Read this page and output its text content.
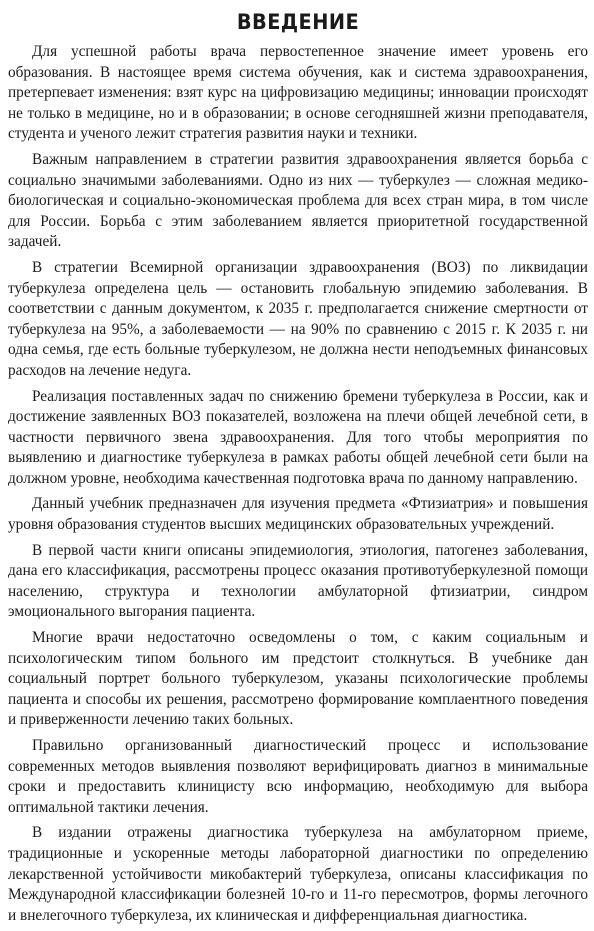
ВВЕДЕНИЕ

Для успешной работы врача первостепенное значение имеет уровень его образования. В настоящее время система обучения, как и система здравоохранения, претерпевает изменения: взят курс на цифровизацию медицины; инновации происходят не только в медицине, но и в образовании; в основе сегодняшней жизни преподавателя, студента и ученого лежит стратегия развития науки и техники.

Важным направлением в стратегии развития здравоохранения является борьба с социально значимыми заболеваниями. Одно из них — туберкулез — сложная медико-биологическая и социально-экономическая проблема для всех стран мира, в том числе для России. Борьба с этим заболеванием является приоритетной государственной задачей.

В стратегии Всемирной организации здравоохранения (ВОЗ) по ликвидации туберкулеза определена цель — остановить глобальную эпидемию заболевания. В соответствии с данным документом, к 2035 г. предполагается снижение смертности от туберкулеза на 95%, а заболеваемости — на 90% по сравнению с 2015 г. К 2035 г. ни одна семья, где есть больные туберкулезом, не должна нести неподъемных финансовых расходов на лечение недуга.

Реализация поставленных задач по снижению бремени туберкулеза в России, как и достижение заявленных ВОЗ показателей, возложена на плечи общей лечебной сети, в частности первичного звена здравоохранения. Для того чтобы мероприятия по выявлению и диагностике туберкулеза в рамках работы общей лечебной сети были на должном уровне, необходима качественная подготовка врача по данному направлению.

Данный учебник предназначен для изучения предмета «Фтизиатрия» и повышения уровня образования студентов высших медицинских образовательных учреждений.

В первой части книги описаны эпидемиология, этиология, патогенез заболевания, дана его классификация, рассмотрены процесс оказания противотуберкулезной помощи населению, структура и технологии амбулаторной фтизиатрии, синдром эмоционального выгорания пациента.

Многие врачи недостаточно осведомлены о том, с каким социальным и психологическим типом больного им предстоит столкнуться. В учебнике дан социальный портрет больного туберкулезом, указаны психологические проблемы пациента и способы их решения, рассмотрено формирование комплаентного поведения и приверженности лечению таких больных.

Правильно организованный диагностический процесс и использование современных методов выявления позволяют верифицировать диагноз в минимальные сроки и предоставить клиницисту всю информацию, необходимую для выбора оптимальной тактики лечения.

В издании отражены диагностика туберкулеза на амбулаторном приеме, традиционные и ускоренные методы лабораторной диагностики по определению лекарственной устойчивости микобактерий туберкулеза, описаны классификация по Международной классификации болезней 10-го и 11-го пересмотров, формы легочного и внелегочного туберкулеза, их клиническая и дифференциальная диагностика.
